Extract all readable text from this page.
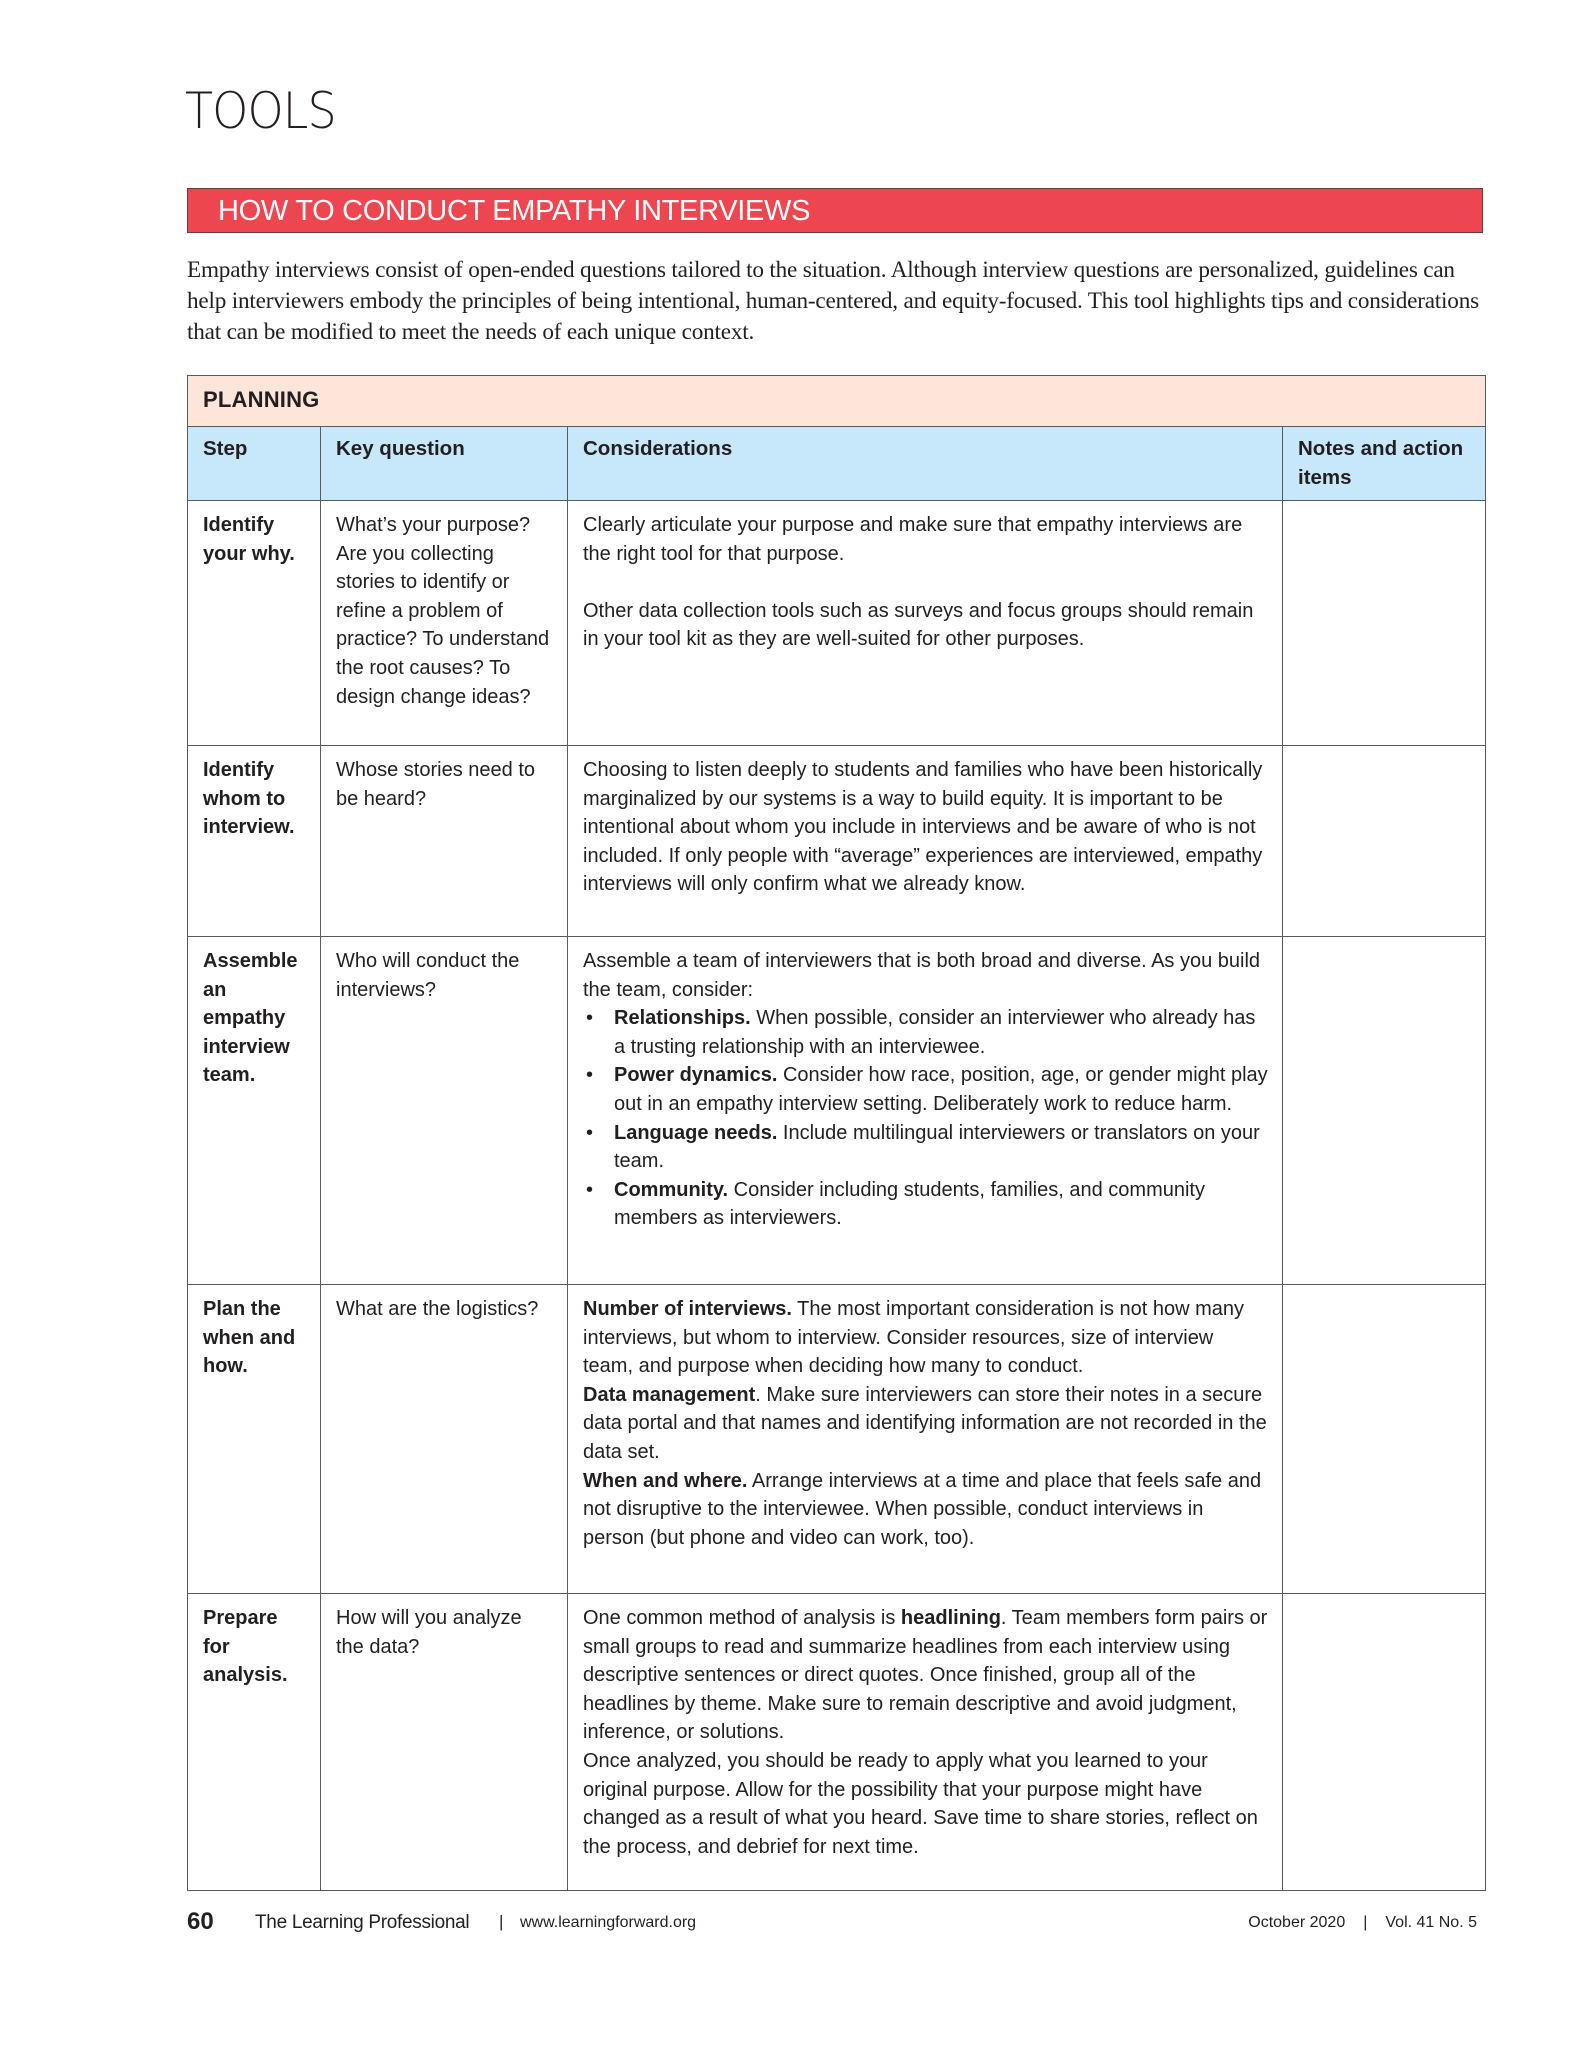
TOOLS
HOW TO CONDUCT EMPATHY INTERVIEWS

Empathy interviews consist of open-ended questions tailored to the situation. Although interview questions are personalized, guidelines can help interviewers embody the principles of being intentional, human-centered, and equity-focused. This tool highlights tips and considerations that can be modified to meet the needs of each unique context.

PLANNING			
Step	Key question	Considerations	Notes and action items
Identify your why.	What’s your purpose? Are you collecting stories to identify or refine a problem of practice? To understand the root causes? To design change ideas?	Clearly articulate your purpose and make sure that empathy interviews are the right tool for that purpose.

Other data collection tools such as surveys and focus groups should remain in your tool kit as they are well-suited for other purposes.	

Identify whom to interview.	Whose stories need to be heard?	Choosing to listen deeply to students and families who have been historically marginalized by our systems is a way to build equity. It is important to be intentional about whom you include in interviews and be aware of who is not included. If only people with “average” experiences are interviewed, empathy interviews will only confirm what we already know.	

Assemble an empathy interview team.	Who will conduct the interviews?	

Assemble a team of interviewers that is both broad and diverse. As you build the team, consider:

• Relationships. When possible, consider an interviewer who already has a trusting relationship with an interviewee.
• Power dynamics. Consider how race, position, age, or gender might play out in an empathy interview setting. Deliberately work to reduce harm.
• Language needs. Include multilingual interviewers or translators on your team.
• Community. Consider including students, families, and community members as interviewers.

Plan the when and how.	What are the logistics?	Number of interviews. The most important consideration is not how many interviews, but whom to interview. Consider resources, size of interview team, and purpose when deciding how many to conduct.

Data management. Make sure interviewers can store their notes in a secure data portal and that names and identifying information are not recorded in the data set.

When and where. Arrange interviews at a time and place that feels safe and not disruptive to the interviewee. When possible, conduct interviews in person (but phone and video can work, too).	

Prepare for analysis.	How will you analyze the data?	One common method of analysis is headlining. Team members form pairs or small groups to read and summarize headlines from each interview using descriptive sentences or direct quotes. Once finished, group all of the headlines by theme. Make sure to remain descriptive and avoid judgment, inference, or solutions.

Once analyzed, you should be ready to apply what you learned to your original purpose. Allow for the possibility that your purpose might have changed as a result of what you heard. Save time to share stories, reflect on the process, and debrief for next time.	

60 The Learning Professional | www.learningforward.org	October 2020 | Vol. 41 No. 5
